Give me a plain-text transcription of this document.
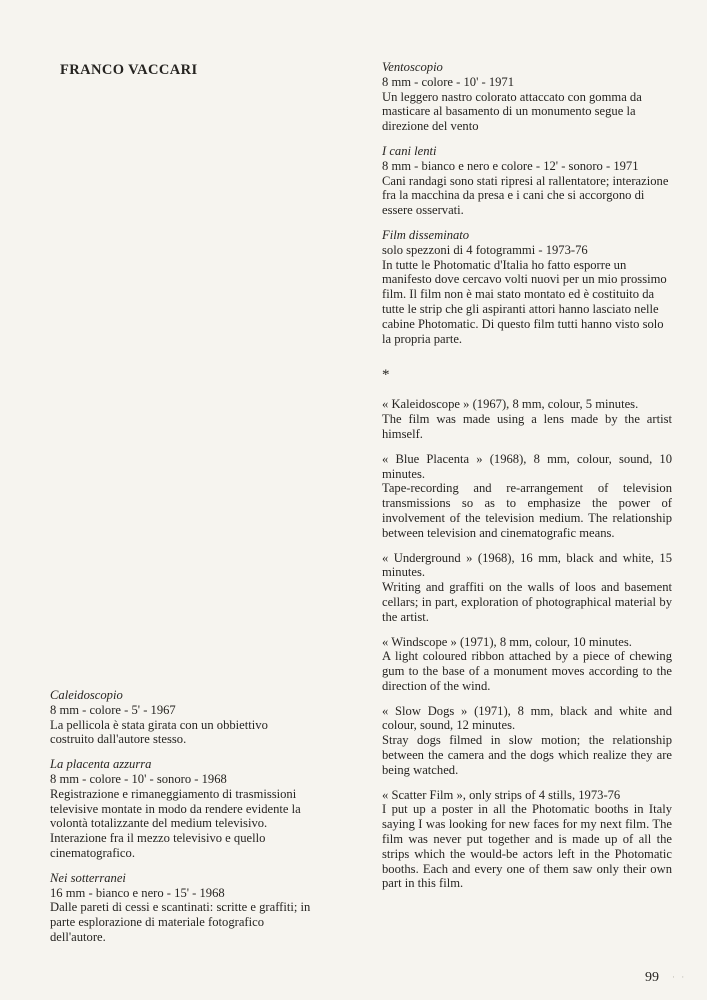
FRANCO VACCARI
Caleidoscopio
8 mm - colore - 5' - 1967
La pellicola è stata girata con un obbiettivo costruito dall'autore stesso.
La placenta azzurra
8 mm - colore - 10' - sonoro - 1968
Registrazione e rimaneggiamento di trasmissioni televisive montate in modo da rendere evidente la volontà totalizzante del medium televisivo. Interazione fra il mezzo televisivo e quello cinematografico.
Nei sotterranei
16 mm - bianco e nero - 15' - 1968
Dalle pareti di cessi e scantinati: scritte e graffiti; in parte esplorazione di materiale fotografico dell'autore.
Ventoscopio
8 mm - colore - 10' - 1971
Un leggero nastro colorato attaccato con gomma da masticare al basamento di un monumento segue la direzione del vento
I cani lenti
8 mm - bianco e nero e colore - 12' - sonoro - 1971
Cani randagi sono stati ripresi al rallentatore; interazione fra la macchina da presa e i cani che si accorgono di essere osservati.
Film disseminato
solo spezzoni di 4 fotogrammi - 1973-76
In tutte le Photomatic d'Italia ho fatto esporre un manifesto dove cercavo volti nuovi per un mio prossimo film. Il film non è mai stato montato ed è costituito da tutte le strip che gli aspiranti attori hanno lasciato nelle cabine Photomatic. Di questo film tutti hanno visto solo la propria parte.
*
« Kaleidoscope » (1967), 8 mm, colour, 5 minutes.
The film was made using a lens made by the artist himself.
« Blue Placenta » (1968), 8 mm, colour, sound, 10 minutes.
Tape-recording and re-arrangement of television transmissions so as to emphasize the power of involvement of the television medium. The relationship between television and cinematografic means.
« Underground » (1968), 16 mm, black and white, 15 minutes.
Writing and graffiti on the walls of loos and basement cellars; in part, exploration of photographical material by the artist.
« Windscope » (1971), 8 mm, colour, 10 minutes.
A light coloured ribbon attached by a piece of chewing gum to the base of a monument moves according to the direction of the wind.
« Slow Dogs » (1971), 8 mm, black and white and colour, sound, 12 minutes.
Stray dogs filmed in slow motion; the relationship between the camera and the dogs which realize they are being watched.
« Scatter Film », only strips of 4 stills, 1973-76
I put up a poster in all the Photomatic booths in Italy saying I was looking for new faces for my next film. The film was never put together and is made up of all the strips which the would-be actors left in the Photomatic booths. Each and every one of them saw only their own part in this film.
99 · ·
